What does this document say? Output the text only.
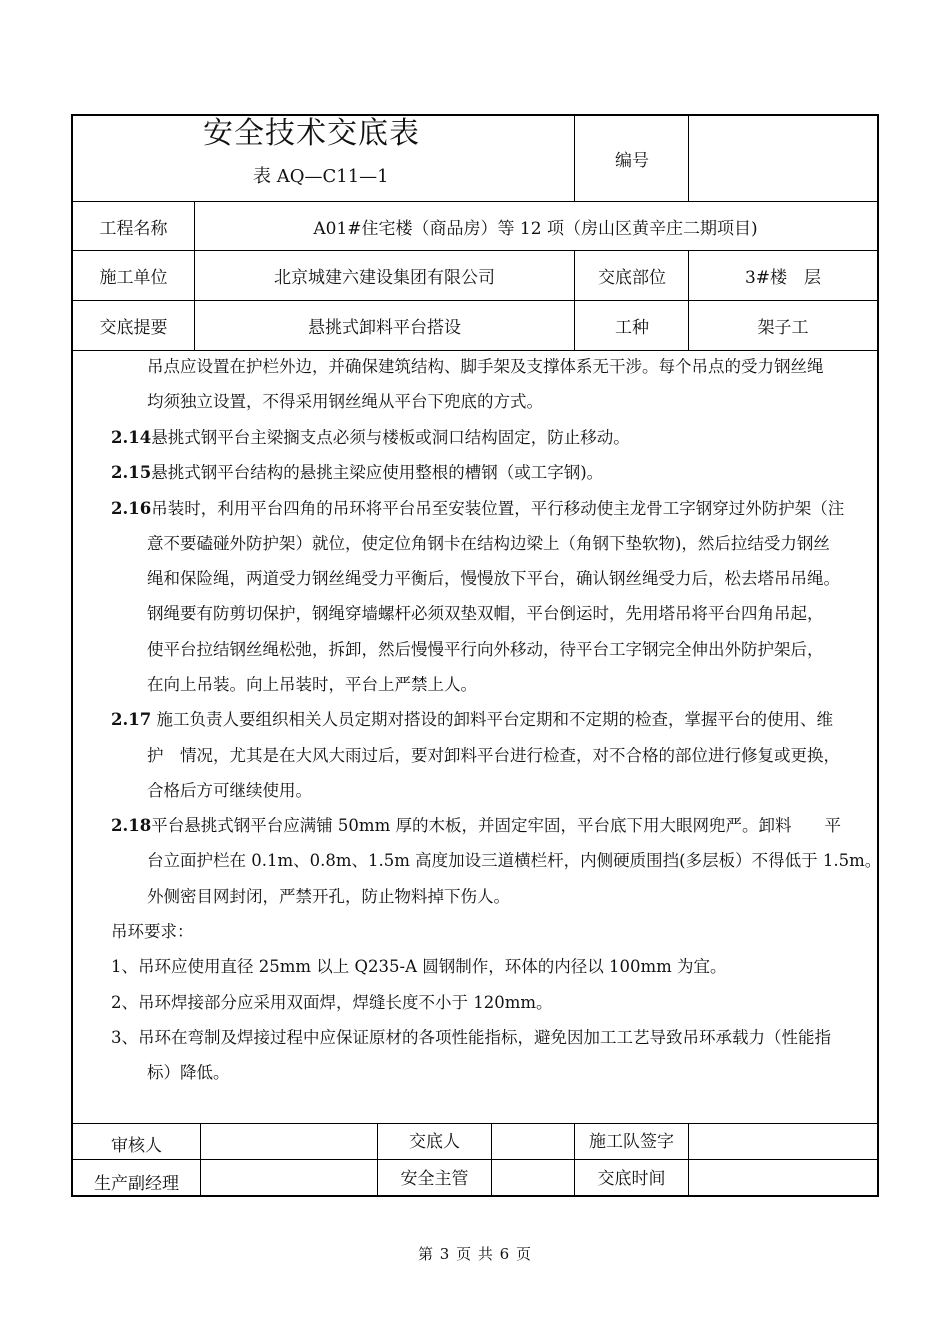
安全技术交底表
表 AQ—C11—1
编号
工程名称	A01#住宅楼（商品房）等 12 项（房山区黄辛庄二期项目)
施工单位	北京城建六建设集团有限公司	交底部位	3#楼　层
交底提要	悬挑式卸料平台搭设	工种	架子工
吊点应设置在护栏外边，并确保建筑结构、脚手架及支撑体系无干涉。每个吊点的受力钢丝绳
均须独立设置，不得采用钢丝绳从平台下兜底的方式。
2.14悬挑式钢平台主梁搁支点必须与楼板或洞口结构固定，防止移动。
2.15悬挑式钢平台结构的悬挑主梁应使用整根的槽钢（或工字钢)。
2.16吊装时，利用平台四角的吊环将平台吊至安装位置，平行移动使主龙骨工字钢穿过外防护架（注
意不要磕碰外防护架）就位，使定位角钢卡在结构边梁上（角钢下垫软物)，然后拉结受力钢丝
绳和保险绳，两道受力钢丝绳受力平衡后，慢慢放下平台，确认钢丝绳受力后，松去塔吊吊绳。
钢绳要有防剪切保护，钢绳穿墙螺杆必须双垫双帽，平台倒运时，先用塔吊将平台四角吊起，
使平台拉结钢丝绳松弛，拆卸，然后慢慢平行向外移动，待平台工字钢完全伸出外防护架后，
在向上吊装。向上吊装时，平台上严禁上人。
2.17 施工负责人要组织相关人员定期对搭设的卸料平台定期和不定期的检查，掌握平台的使用、维
护　情况，尤其是在大风大雨过后，要对卸料平台进行检查，对不合格的部位进行修复或更换，
合格后方可继续使用。
2.18平台悬挑式钢平台应满铺 50mm 厚的木板，并固定牢固，平台底下用大眼网兜严。卸料　　平
台立面护栏在 0.1m、0.8m、1.5m 高度加设三道横栏杆，内侧硬质围挡(多层板）不得低于 1.5m。
外侧密目网封闭，严禁开孔，防止物料掉下伤人。
吊环要求：
1、吊环应使用直径 25mm 以上 Q235-A 圆钢制作，环体的内径以 100mm 为宜。
2、吊环焊接部分应采用双面焊，焊缝长度不小于 120mm。
3、吊环在弯制及焊接过程中应保证原材的各项性能指标，避免因加工工艺导致吊环承载力（性能指
标）降低。
审核人	交底人	施工队签字
生产副经理	安全主管	交底时间
第 3 页 共 6 页
